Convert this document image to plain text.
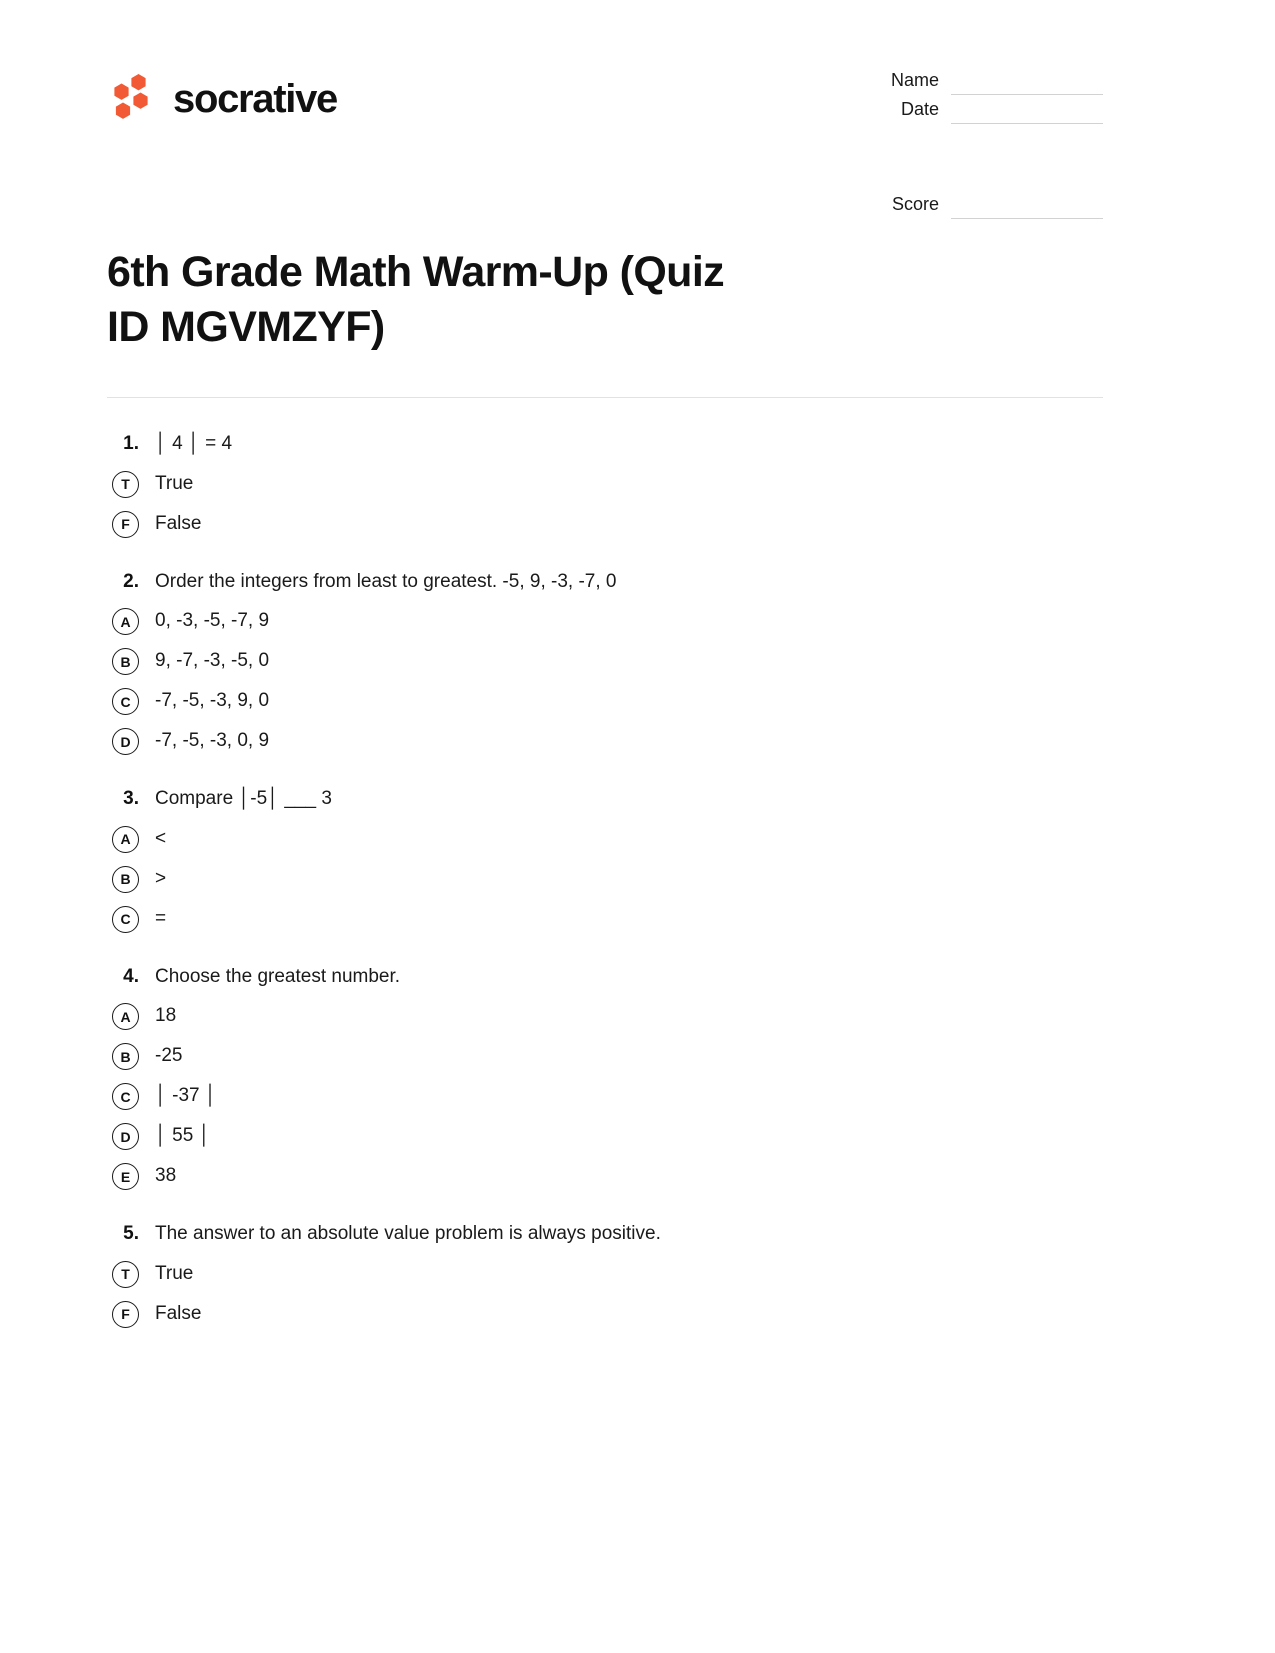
socrative	Name
Date
Score
6th Grade Math Warm-Up (Quiz ID MGVMZYF)
1. │ 4 │ = 4
T	True
F	False
2. Order the integers from least to greatest. -5, 9, -3, -7, 0
A	0, -3, -5, -7, 9
B	9, -7, -3, -5, 0
C	-7, -5, -3, 9, 0
D	-7, -5, -3, 0, 9
3. Compare │-5│ ___ 3
A	<
B	>
C	=
4. Choose the greatest number.
A	18
B	-25
C	│ -37 │
D	│ 55 │
E	38
5. The answer to an absolute value problem is always positive.
T	True
F	False
